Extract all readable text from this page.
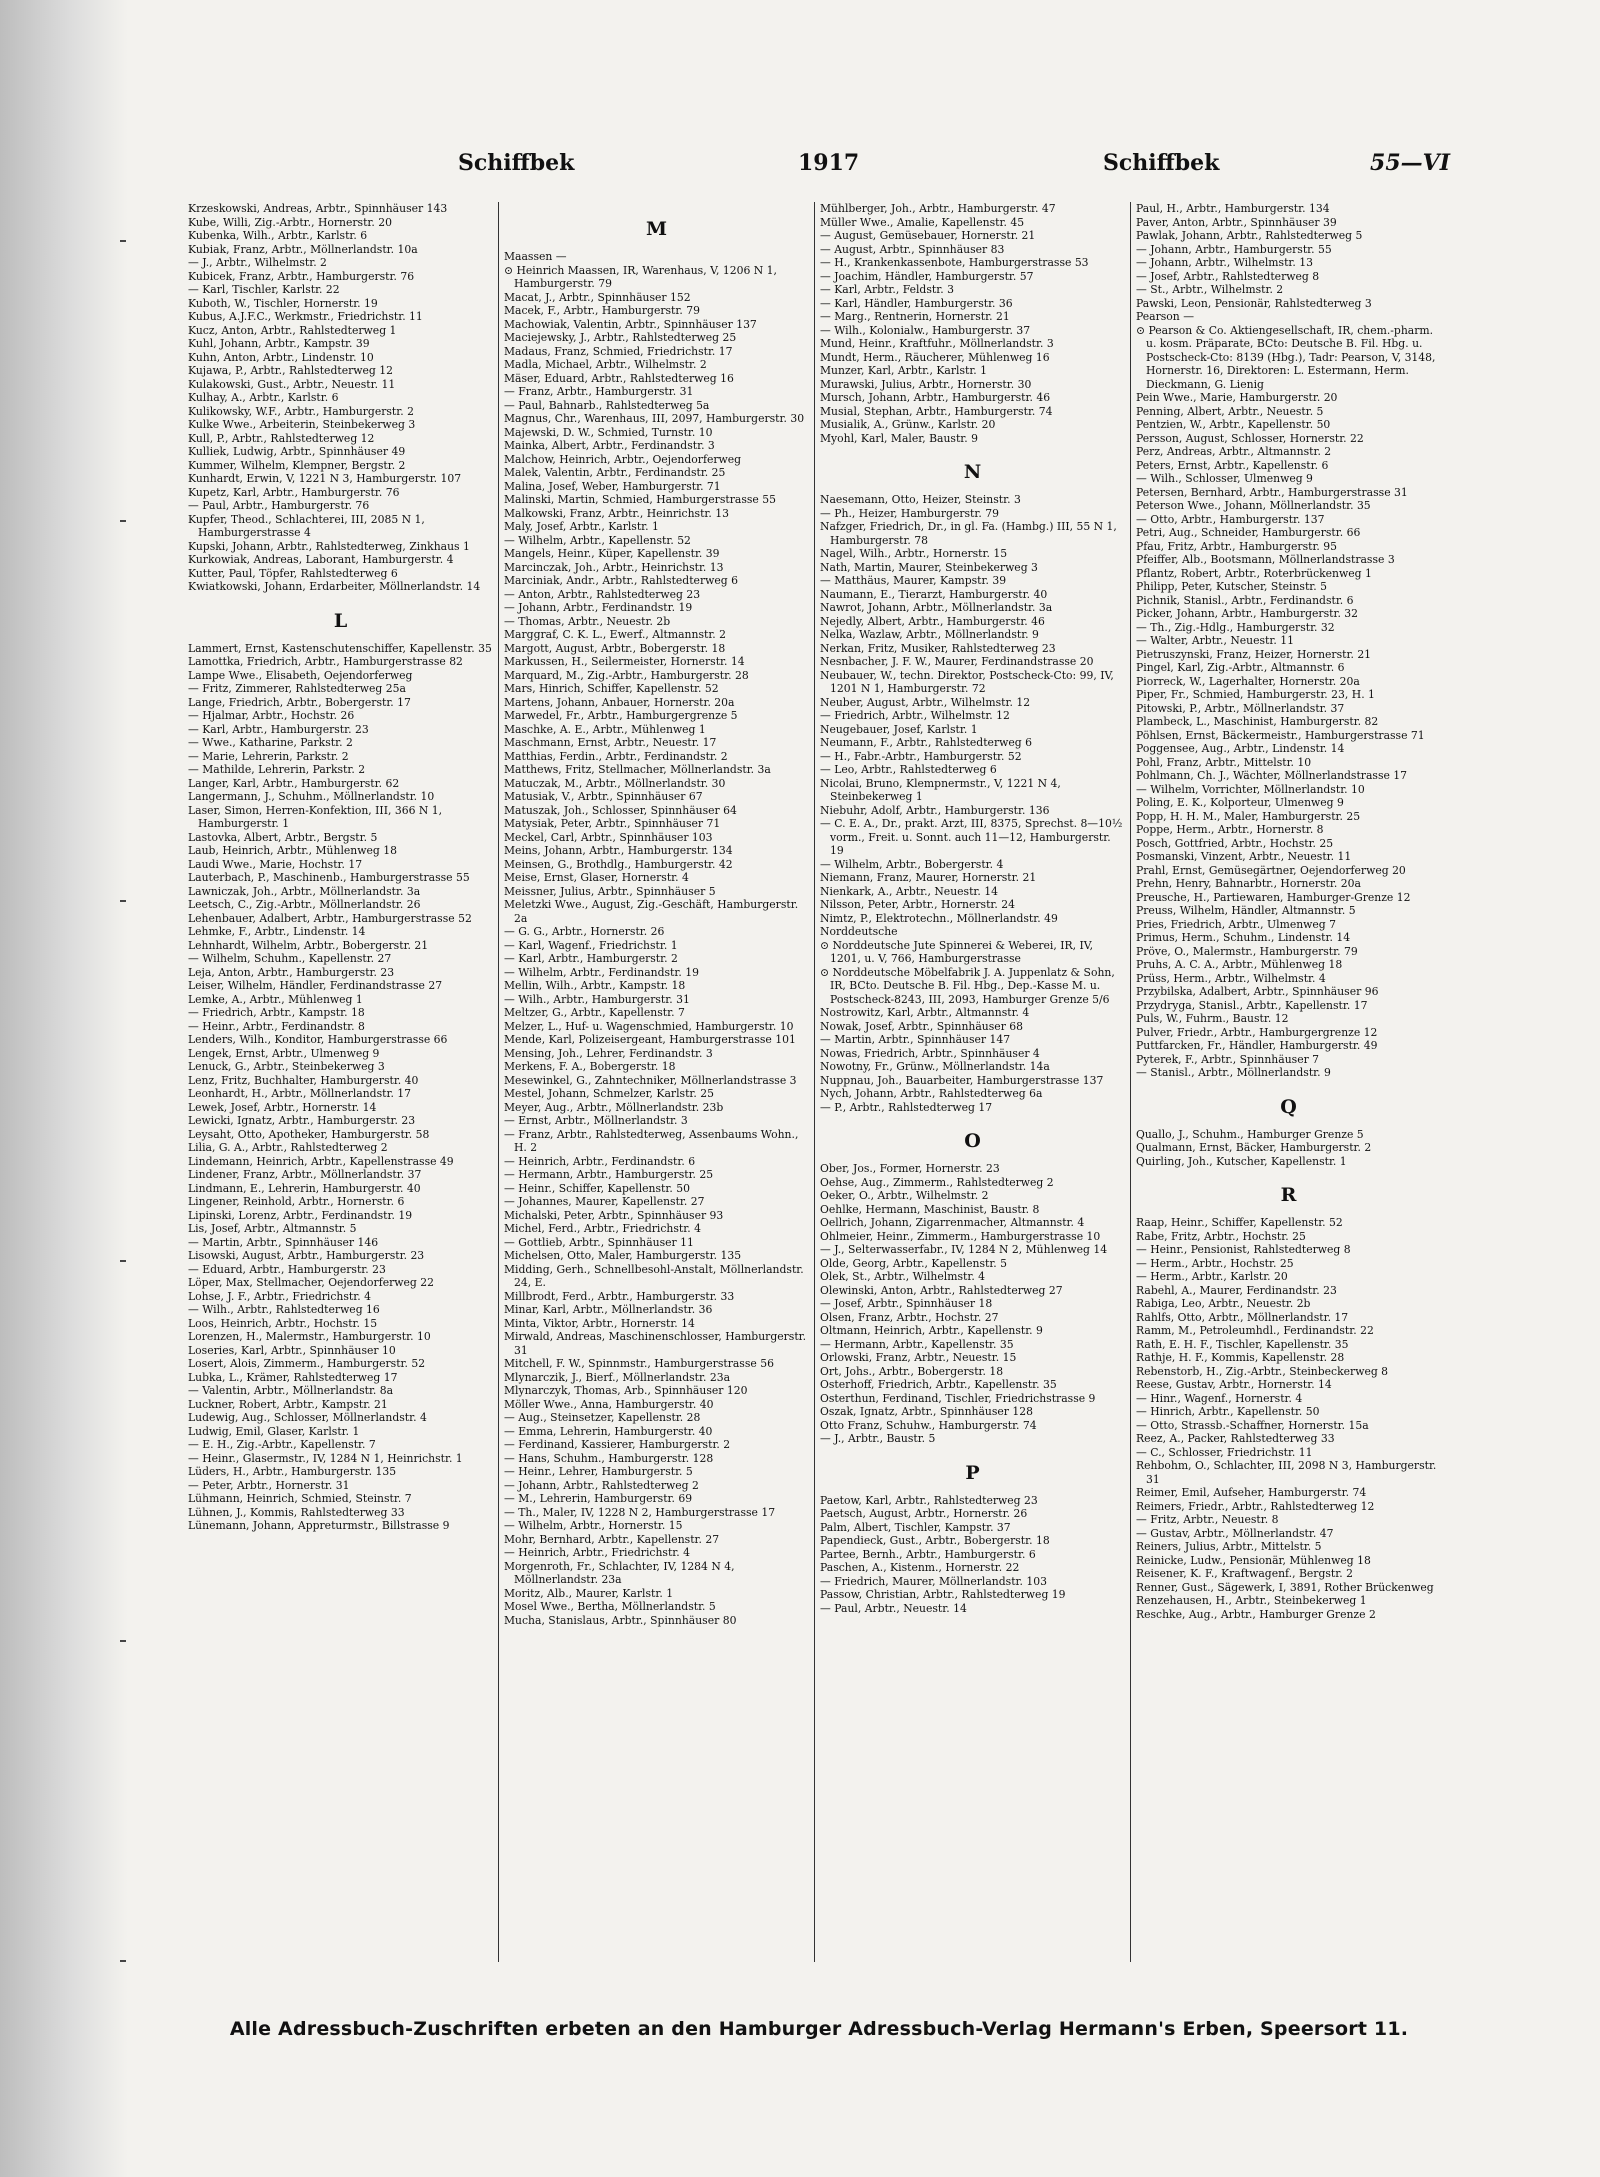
Schiffbek	1917	Schiffbek	55—VI
Krzeskowski, Andreas, Arbtr., Spinnhäuser 143
Kube, Willi, Zig.-Arbtr., Hornerstr. 20
Kubenka, Wilh., Arbtr., Karlstr. 6
Kubiak, Franz, Arbtr., Möllnerlandstr. 10a
— J., Arbtr., Wilhelmstr. 2
Kubicek, Franz, Arbtr., Hamburgerstr. 76
— Karl, Tischler, Karlstr. 22
Kuboth, W., Tischler, Hornerstr. 19
Kubus, A.J.F.C., Werkmstr., Friedrichstr. 11
Kucz, Anton, Arbtr., Rahlstedterweg 1
Kuhl, Johann, Arbtr., Kampstr. 39
Kuhn, Anton, Arbtr., Lindenstr. 10
Kujawa, P., Arbtr., Rahlstedterweg 12
Kulakowski, Gust., Arbtr., Neuestr. 11
Kulhay, A., Arbtr., Karlstr. 6
Kulikowsky, W.F., Arbtr., Hamburgerstr. 2
Kulke Wwe., Arbeiterin, Steinbekerweg 3
Kull, P., Arbtr., Rahlstedterweg 12
Kulliek, Ludwig, Arbtr., Spinnhäuser 49
Kummer, Wilhelm, Klempner, Bergstr. 2
Kunhardt, Erwin, V, 1221 N 3, Hamburgerstr. 107
Kupetz, Karl, Arbtr., Hamburgerstr. 76
— Paul, Arbtr., Hamburgerstr. 76
Kupfer, Theod., Schlachterei, III, 2085 N 1, Hamburgerstrasse 4
Kupski, Johann, Arbtr., Rahlstedterweg, Zinkhaus 1
Kurkowiak, Andreas, Laborant, Hamburgerstr. 4
Kutter, Paul, Töpfer, Rahlstedterweg 6
Kwiatkowski, Johann, Erdarbeiter, Möllnerlandstr. 14
L
Lammert, Ernst, Kastenschutenschiffer, Kapellenstr. 35
Lamottka, Friedrich, Arbtr., Hamburgerstrasse 82
Lampe Wwe., Elisabeth, Oejendorferweg
— Fritz, Zimmerer, Rahlstedterweg 25a
Lange, Friedrich, Arbtr., Bobergerstr. 17
— Hjalmar, Arbtr., Hochstr. 26
— Karl, Arbtr., Hamburgerstr. 23
— Wwe., Katharine, Parkstr. 2
— Marie, Lehrerin, Parkstr. 2
— Mathilde, Lehrerin, Parkstr. 2
Langer, Karl, Arbtr., Hamburgerstr. 62
Langermann, J., Schuhm., Möllnerlandstr. 10
Laser, Simon, Herren-Konfektion, III, 366 N 1, Hamburgerstr. 1
Lastovka, Albert, Arbtr., Bergstr. 5
Laub, Heinrich, Arbtr., Mühlenweg 18
Laudi Wwe., Marie, Hochstr. 17
Lauterbach, P., Maschinenb., Hamburgerstrasse 55
Lawniczak, Joh., Arbtr., Möllnerlandstr. 3a
Leetsch, C., Zig.-Arbtr., Möllnerlandstr. 26
Lehenbauer, Adalbert, Arbtr., Hamburgerstrasse 52
Lehmke, F., Arbtr., Lindenstr. 14
Lehnhardt, Wilhelm, Arbtr., Bobergerstr. 21
— Wilhelm, Schuhm., Kapellenstr. 27
Leja, Anton, Arbtr., Hamburgerstr. 23
Leiser, Wilhelm, Händler, Ferdinandstrasse 27
Lemke, A., Arbtr., Mühlenweg 1
— Friedrich, Arbtr., Kampstr. 18
— Heinr., Arbtr., Ferdinandstr. 8
Lenders, Wilh., Konditor, Hamburgerstrasse 66
Lengek, Ernst, Arbtr., Ulmenweg 9
Lenuck, G., Arbtr., Steinbekerweg 3
Lenz, Fritz, Buchhalter, Hamburgerstr. 40
Leonhardt, H., Arbtr., Möllnerlandstr. 17
Lewek, Josef, Arbtr., Hornerstr. 14
Lewicki, Ignatz, Arbtr., Hamburgerstr. 23
Leysaht, Otto, Apotheker, Hamburgerstr. 58
Lilia, G. A., Arbtr., Rahlstedterweg 2
Lindemann, Heinrich, Arbtr., Kapellenstrasse 49
Lindener, Franz, Arbtr., Möllnerlandstr. 37
Lindmann, E., Lehrerin, Hamburgerstr. 40
Lingener, Reinhold, Arbtr., Hornerstr. 6
Lipinski, Lorenz, Arbtr., Ferdinandstr. 19
Lis, Josef, Arbtr., Altmannstr. 5
— Martin, Arbtr., Spinnhäuser 146
Lisowski, August, Arbtr., Hamburgerstr. 23
— Eduard, Arbtr., Hamburgerstr. 23
Löper, Max, Stellmacher, Oejendorferweg 22
Lohse, J. F., Arbtr., Friedrichstr. 4
— Wilh., Arbtr., Rahlstedterweg 16
Loos, Heinrich, Arbtr., Hochstr. 15
Lorenzen, H., Malermstr., Hamburgerstr. 10
Loseries, Karl, Arbtr., Spinnhäuser 10
Losert, Alois, Zimmerm., Hamburgerstr. 52
Lubka, L., Krämer, Rahlstedterweg 17
— Valentin, Arbtr., Möllnerlandstr. 8a
Luckner, Robert, Arbtr., Kampstr. 21
Ludewig, Aug., Schlosser, Möllnerlandstr. 4
Ludwig, Emil, Glaser, Karlstr. 1
— E. H., Zig.-Arbtr., Kapellenstr. 7
— Heinr., Glasermstr., IV, 1284 N 1, Heinrichstr. 1
Lüders, H., Arbtr., Hamburgerstr. 135
— Peter, Arbtr., Hornerstr. 31
Lühmann, Heinrich, Schmied, Steinstr. 7
Lühnen, J., Kommis, Rahlstedterweg 33
Lünemann, Johann, Appreturmstr., Billstrasse 9
M
Maassen —
⊙ Heinrich Maassen, IR, Warenhaus, V, 1206 N 1, Hamburgerstr. 79
Macat, J., Arbtr., Spinnhäuser 152
Macek, F., Arbtr., Hamburgerstr. 79
Machowiak, Valentin, Arbtr., Spinnhäuser 137
Maciejewsky, J., Arbtr., Rahlstedterweg 25
Madaus, Franz, Schmied, Friedrichstr. 17
Madla, Michael, Arbtr., Wilhelmstr. 2
Mäser, Eduard, Arbtr., Rahlstedterweg 16
— Franz, Arbtr., Hamburgerstr. 31
— Paul, Bahnarb., Rahlstedterweg 5a
Magnus, Chr., Warenhaus, III, 2097, Hamburgerstr. 30
Majewski, D. W., Schmied, Turnstr. 10
Mainka, Albert, Arbtr., Ferdinandstr. 3
Malchow, Heinrich, Arbtr., Oejendorferweg
Malek, Valentin, Arbtr., Ferdinandstr. 25
Malina, Josef, Weber, Hamburgerstr. 71
Malinski, Martin, Schmied, Hamburgerstrasse 55
Malkowski, Franz, Arbtr., Heinrichstr. 13
Maly, Josef, Arbtr., Karlstr. 1
— Wilhelm, Arbtr., Kapellenstr. 52
Mangels, Heinr., Küper, Kapellenstr. 39
Marcinczak, Joh., Arbtr., Heinrichstr. 13
Marciniak, Andr., Arbtr., Rahlstedterweg 6
— Anton, Arbtr., Rahlstedterweg 23
— Johann, Arbtr., Ferdinandstr. 19
— Thomas, Arbtr., Neuestr. 2b
Marggraf, C. K. L., Ewerf., Altmannstr. 2
Margott, August, Arbtr., Bobergerstr. 18
Markussen, H., Seilermeister, Hornerstr. 14
Marquard, M., Zig.-Arbtr., Hamburgerstr. 28
Mars, Hinrich, Schiffer, Kapellenstr. 52
Martens, Johann, Anbauer, Hornerstr. 20a
Marwedel, Fr., Arbtr., Hamburgergrenze 5
Maschke, A. E., Arbtr., Mühlenweg 1
Maschmann, Ernst, Arbtr., Neuestr. 17
Matthias, Ferdin., Arbtr., Ferdinandstr. 2
Matthews, Fritz, Stellmacher, Möllnerlandstr. 3a
Matuczak, M., Arbtr., Möllnerlandstr. 30
Matusiak, V., Arbtr., Spinnhäuser 67
Matuszak, Joh., Schlosser, Spinnhäuser 64
Matysiak, Peter, Arbtr., Spinnhäuser 71
Meckel, Carl, Arbtr., Spinnhäuser 103
Meins, Johann, Arbtr., Hamburgerstr. 134
Meinsen, G., Brothdlg., Hamburgerstr. 42
Meise, Ernst, Glaser, Hornerstr. 4
Meissner, Julius, Arbtr., Spinnhäuser 5
Meletzki Wwe., August, Zig.-Geschäft, Hamburgerstr. 2a
— G. G., Arbtr., Hornerstr. 26
— Karl, Wagenf., Friedrichstr. 1
— Karl, Arbtr., Hamburgerstr. 2
— Wilhelm, Arbtr., Ferdinandstr. 19
Mellin, Wilh., Arbtr., Kampstr. 18
— Wilh., Arbtr., Hamburgerstr. 31
Meltzer, G., Arbtr., Kapellenstr. 7
Melzer, L., Huf- u. Wagenschmied, Hamburgerstr. 10
Mende, Karl, Polizeisergeant, Hamburgerstrasse 101
Mensing, Joh., Lehrer, Ferdinandstr. 3
Merkens, F. A., Bobergerstr. 18
Mesewinkel, G., Zahntechniker, Möllnerlandstrasse 3
Mestel, Johann, Schmelzer, Karlstr. 25
Meyer, Aug., Arbtr., Möllnerlandstr. 23b
— Ernst, Arbtr., Möllnerlandstr. 3
— Franz, Arbtr., Rahlstedterweg, Assenbaums Wohn., H. 2
— Heinrich, Arbtr., Ferdinandstr. 6
— Hermann, Arbtr., Hamburgerstr. 25
— Heinr., Schiffer, Kapellenstr. 50
— Johannes, Maurer, Kapellenstr. 27
Michalski, Peter, Arbtr., Spinnhäuser 93
Michel, Ferd., Arbtr., Friedrichstr. 4
— Gottlieb, Arbtr., Spinnhäuser 11
Michelsen, Otto, Maler, Hamburgerstr. 135
Midding, Gerh., Schnellbesohl-Anstalt, Möllnerlandstr. 24, E.
Millbrodt, Ferd., Arbtr., Hamburgerstr. 33
Minar, Karl, Arbtr., Möllnerlandstr. 36
Minta, Viktor, Arbtr., Hornerstr. 14
Mirwald, Andreas, Maschinenschlosser, Hamburgerstr. 31
Mitchell, F. W., Spinnmstr., Hamburgerstrasse 56
Mlynarczik, J., Bierf., Möllnerlandstr. 23a
Mlynarczyk, Thomas, Arb., Spinnhäuser 120
Möller Wwe., Anna, Hamburgerstr. 40
— Aug., Steinsetzer, Kapellenstr. 28
— Emma, Lehrerin, Hamburgerstr. 40
— Ferdinand, Kassierer, Hamburgerstr. 2
— Hans, Schuhm., Hamburgerstr. 128
— Heinr., Lehrer, Hamburgerstr. 5
— Johann, Arbtr., Rahlstedterweg 2
— M., Lehrerin, Hamburgerstr. 69
— Th., Maler, IV, 1228 N 2, Hamburgerstrasse 17
— Wilhelm, Arbtr., Hornerstr. 15
Mohr, Bernhard, Arbtr., Kapellenstr. 27
— Heinrich, Arbtr., Friedrichstr. 4
Morgenroth, Fr., Schlachter, IV, 1284 N 4, Möllnerlandstr. 23a
Moritz, Alb., Maurer, Karlstr. 1
Mosel Wwe., Bertha, Möllnerlandstr. 5
Mucha, Stanislaus, Arbtr., Spinnhäuser 80
Mühlberger, Joh., Arbtr., Hamburgerstr. 47
Müller Wwe., Amalie, Kapellenstr. 45
— August, Gemüsebauer, Hornerstr. 21
— August, Arbtr., Spinnhäuser 83
— H., Krankenkassenbote, Hamburgerstrasse 53
— Joachim, Händler, Hamburgerstr. 57
— Karl, Arbtr., Feldstr. 3
— Karl, Händler, Hamburgerstr. 36
— Marg., Rentnerin, Hornerstr. 21
— Wilh., Kolonialw., Hamburgerstr. 37
Mund, Heinr., Kraftfuhr., Möllnerlandstr. 3
Mundt, Herm., Räucherer, Mühlenweg 16
Munzer, Karl, Arbtr., Karlstr. 1
Murawski, Julius, Arbtr., Hornerstr. 30
Mursch, Johann, Arbtr., Hamburgerstr. 46
Musial, Stephan, Arbtr., Hamburgerstr. 74
Musialik, A., Grünw., Karlstr. 20
Myohl, Karl, Maler, Baustr. 9
N
Naesemann, Otto, Heizer, Steinstr. 3
— Ph., Heizer, Hamburgerstr. 79
Nafzger, Friedrich, Dr., in gl. Fa. (Hambg.) III, 55 N 1, Hamburgerstr. 78
Nagel, Wilh., Arbtr., Hornerstr. 15
Nath, Martin, Maurer, Steinbekerweg 3
— Matthäus, Maurer, Kampstr. 39
Naumann, E., Tierarzt, Hamburgerstr. 40
Nawrot, Johann, Arbtr., Möllnerlandstr. 3a
Nejedly, Albert, Arbtr., Hamburgerstr. 46
Nelka, Wazlaw, Arbtr., Möllnerlandstr. 9
Nerkan, Fritz, Musiker, Rahlstedterweg 23
Nesnbacher, J. F. W., Maurer, Ferdinandstrasse 20
Neubauer, W., techn. Direktor, Postscheck-Cto: 99, IV, 1201 N 1, Hamburgerstr. 72
Neuber, August, Arbtr., Wilhelmstr. 12
— Friedrich, Arbtr., Wilhelmstr. 12
Neugebauer, Josef, Karlstr. 1
Neumann, F., Arbtr., Rahlstedterweg 6
— H., Fabr.-Arbtr., Hamburgerstr. 52
— Leo, Arbtr., Rahlstedterweg 6
Nicolai, Bruno, Klempnermstr., V, 1221 N 4, Steinbekerweg 1
Niebuhr, Adolf, Arbtr., Hamburgerstr. 136
— C. E. A., Dr., prakt. Arzt, III, 8375, Sprechst. 8—10½ vorm., Freit. u. Sonnt. auch 11—12, Hamburgerstr. 19
— Wilhelm, Arbtr., Bobergerstr. 4
Niemann, Franz, Maurer, Hornerstr. 21
Nienkark, A., Arbtr., Neuestr. 14
Nilsson, Peter, Arbtr., Hornerstr. 24
Nimtz, P., Elektrotechn., Möllnerlandstr. 49
Norddeutsche
⊙ Norddeutsche Jute Spinnerei & Weberei, IR, IV, 1201, u. V, 766, Hamburgerstrasse
⊙ Norddeutsche Möbelfabrik J. A. Juppenlatz & Sohn, IR, BCto. Deutsche B. Fil. Hbg., Dep.-Kasse M. u. Postscheck-8243, III, 2093, Hamburger Grenze 5/6
Nostrowitz, Karl, Arbtr., Altmannstr. 4
Nowak, Josef, Arbtr., Spinnhäuser 68
— Martin, Arbtr., Spinnhäuser 147
Nowas, Friedrich, Arbtr., Spinnhäuser 4
Nowotny, Fr., Grünw., Möllnerlandstr. 14a
Nuppnau, Joh., Bauarbeiter, Hamburgerstrasse 137
Nych, Johann, Arbtr., Rahlstedterweg 6a
— P., Arbtr., Rahlstedterweg 17
O
Ober, Jos., Former, Hornerstr. 23
Oehse, Aug., Zimmerm., Rahlstedterweg 2
Oeker, O., Arbtr., Wilhelmstr. 2
Oehlke, Hermann, Maschinist, Baustr. 8
Oellrich, Johann, Zigarrenmacher, Altmannstr. 4
Ohlmeier, Heinr., Zimmerm., Hamburgerstrasse 10
— J., Selterwasserfabr., IV, 1284 N 2, Mühlenweg 14
Olde, Georg, Arbtr., Kapellenstr. 5
Olek, St., Arbtr., Wilhelmstr. 4
Olewinski, Anton, Arbtr., Rahlstedterweg 27
— Josef, Arbtr., Spinnhäuser 18
Olsen, Franz, Arbtr., Hochstr. 27
Oltmann, Heinrich, Arbtr., Kapellenstr. 9
— Hermann, Arbtr., Kapellenstr. 35
Orlowski, Franz, Arbtr., Neuestr. 15
Ort, Johs., Arbtr., Bobergerstr. 18
Osterhoff, Friedrich, Arbtr., Kapellenstr. 35
Osterthun, Ferdinand, Tischler, Friedrichstrasse 9
Oszak, Ignatz, Arbtr., Spinnhäuser 128
Otto Franz, Schuhw., Hamburgerstr. 74
— J., Arbtr., Baustr. 5
P
Paetow, Karl, Arbtr., Rahlstedterweg 23
Paetsch, August, Arbtr., Hornerstr. 26
Palm, Albert, Tischler, Kampstr. 37
Papendieck, Gust., Arbtr., Bobergerstr. 18
Partee, Bernh., Arbtr., Hamburgerstr. 6
Paschen, A., Kistenm., Hornerstr. 22
— Friedrich, Maurer, Möllnerlandstr. 103
Passow, Christian, Arbtr., Rahlstedterweg 19
— Paul, Arbtr., Neuestr. 14
Paul, H., Arbtr., Hamburgerstr. 134
Paver, Anton, Arbtr., Spinnhäuser 39
Pawlak, Johann, Arbtr., Rahlstedterweg 5
— Johann, Arbtr., Hamburgerstr. 55
— Johann, Arbtr., Wilhelmstr. 13
— Josef, Arbtr., Rahlstedterweg 8
— St., Arbtr., Wilhelmstr. 2
Pawski, Leon, Pensionär, Rahlstedterweg 3
Pearson —
⊙ Pearson & Co. Aktiengesellschaft, IR, chem.-pharm. u. kosm. Präparate, BCto: Deutsche B. Fil. Hbg. u. Postscheck-Cto: 8139 (Hbg.), Tadr: Pearson, V, 3148, Hornerstr. 16, Direktoren: L. Estermann, Herm. Dieckmann, G. Lienig
Pein Wwe., Marie, Hamburgerstr. 20
Penning, Albert, Arbtr., Neuestr. 5
Pentzien, W., Arbtr., Kapellenstr. 50
Persson, August, Schlosser, Hornerstr. 22
Perz, Andreas, Arbtr., Altmannstr. 2
Peters, Ernst, Arbtr., Kapellenstr. 6
— Wilh., Schlosser, Ulmenweg 9
Petersen, Bernhard, Arbtr., Hamburgerstrasse 31
Peterson Wwe., Johann, Möllnerlandstr. 35
— Otto, Arbtr., Hamburgerstr. 137
Petri, Aug., Schneider, Hamburgerstr. 66
Pfau, Fritz, Arbtr., Hamburgerstr. 95
Pfeiffer, Alb., Bootsmann, Möllnerlandstrasse 3
Pflantz, Robert, Arbtr., Roterbrückenweg 1
Philipp, Peter, Kutscher, Steinstr. 5
Pichnik, Stanisl., Arbtr., Ferdinandstr. 6
Picker, Johann, Arbtr., Hamburgerstr. 32
— Th., Zig.-Hdlg., Hamburgerstr. 32
— Walter, Arbtr., Neuestr. 11
Pietruszynski, Franz, Heizer, Hornerstr. 21
Pingel, Karl, Zig.-Arbtr., Altmannstr. 6
Piorreck, W., Lagerhalter, Hornerstr. 20a
Piper, Fr., Schmied, Hamburgerstr. 23, H. 1
Pitowski, P., Arbtr., Möllnerlandstr. 37
Plambeck, L., Maschinist, Hamburgerstr. 82
Pöhlsen, Ernst, Bäckermeistr., Hamburgerstrasse 71
Poggensee, Aug., Arbtr., Lindenstr. 14
Pohl, Franz, Arbtr., Mittelstr. 10
Pohlmann, Ch. J., Wächter, Möllnerlandstrasse 17
— Wilhelm, Vorrichter, Möllnerlandstr. 10
Poling, E. K., Kolporteur, Ulmenweg 9
Popp, H. H. M., Maler, Hamburgerstr. 25
Poppe, Herm., Arbtr., Hornerstr. 8
Posch, Gottfried, Arbtr., Hochstr. 25
Posmanski, Vinzent, Arbtr., Neuestr. 11
Prahl, Ernst, Gemüsegärtner, Oejendorferweg 20
Prehn, Henry, Bahnarbtr., Hornerstr. 20a
Preusche, H., Partiewaren, Hamburger-Grenze 12
Preuss, Wilhelm, Händler, Altmannstr. 5
Pries, Friedrich, Arbtr., Ulmenweg 7
Primus, Herm., Schuhm., Lindenstr. 14
Pröve, O., Malermstr., Hamburgerstr. 79
Pruhs, A. C. A., Arbtr., Mühlenweg 18
Prüss, Herm., Arbtr., Wilhelmstr. 4
Przybilska, Adalbert, Arbtr., Spinnhäuser 96
Przydryga, Stanisl., Arbtr., Kapellenstr. 17
Puls, W., Fuhrm., Baustr. 12
Pulver, Friedr., Arbtr., Hamburgergrenze 12
Puttfarcken, Fr., Händler, Hamburgerstr. 49
Pyterek, F., Arbtr., Spinnhäuser 7
— Stanisl., Arbtr., Möllnerlandstr. 9
Q
Quallo, J., Schuhm., Hamburger Grenze 5
Qualmann, Ernst, Bäcker, Hamburgerstr. 2
Quirling, Joh., Kutscher, Kapellenstr. 1
R
Raap, Heinr., Schiffer, Kapellenstr. 52
Rabe, Fritz, Arbtr., Hochstr. 25
— Heinr., Pensionist, Rahlstedterweg 8
— Herm., Arbtr., Hochstr. 25
— Herm., Arbtr., Karlstr. 20
Rabehl, A., Maurer, Ferdinandstr. 23
Rabiga, Leo, Arbtr., Neuestr. 2b
Rahlfs, Otto, Arbtr., Möllnerlandstr. 17
Ramm, M., Petroleumhdl., Ferdinandstr. 22
Rath, E. H. F., Tischler, Kapellenstr. 35
Rathje, H. F., Kommis, Kapellenstr. 28
Rebenstorb, H., Zig.-Arbtr., Steinbeckerweg 8
Reese, Gustav, Arbtr., Hornerstr. 14
— Hinr., Wagenf., Hornerstr. 4
— Hinrich, Arbtr., Kapellenstr. 50
— Otto, Strassb.-Schaffner, Hornerstr. 15a
Reez, A., Packer, Rahlstedterweg 33
— C., Schlosser, Friedrichstr. 11
Rehbohm, O., Schlachter, III, 2098 N 3, Hamburgerstr. 31
Reimer, Emil, Aufseher, Hamburgerstr. 74
Reimers, Friedr., Arbtr., Rahlstedterweg 12
— Fritz, Arbtr., Neuestr. 8
— Gustav, Arbtr., Möllnerlandstr. 47
Reiners, Julius, Arbtr., Mittelstr. 5
Reinicke, Ludw., Pensionär, Mühlenweg 18
Reisener, K. F., Kraftwagenf., Bergstr. 2
Renner, Gust., Sägewerk, I, 3891, Rother Brückenweg
Renzehausen, H., Arbtr., Steinbekerweg 1
Reschke, Aug., Arbtr., Hamburger Grenze 2
Alle Adressbuch-Zuschriften erbeten an den Hamburger Adressbuch-Verlag Hermann's Erben, Speersort 11.
